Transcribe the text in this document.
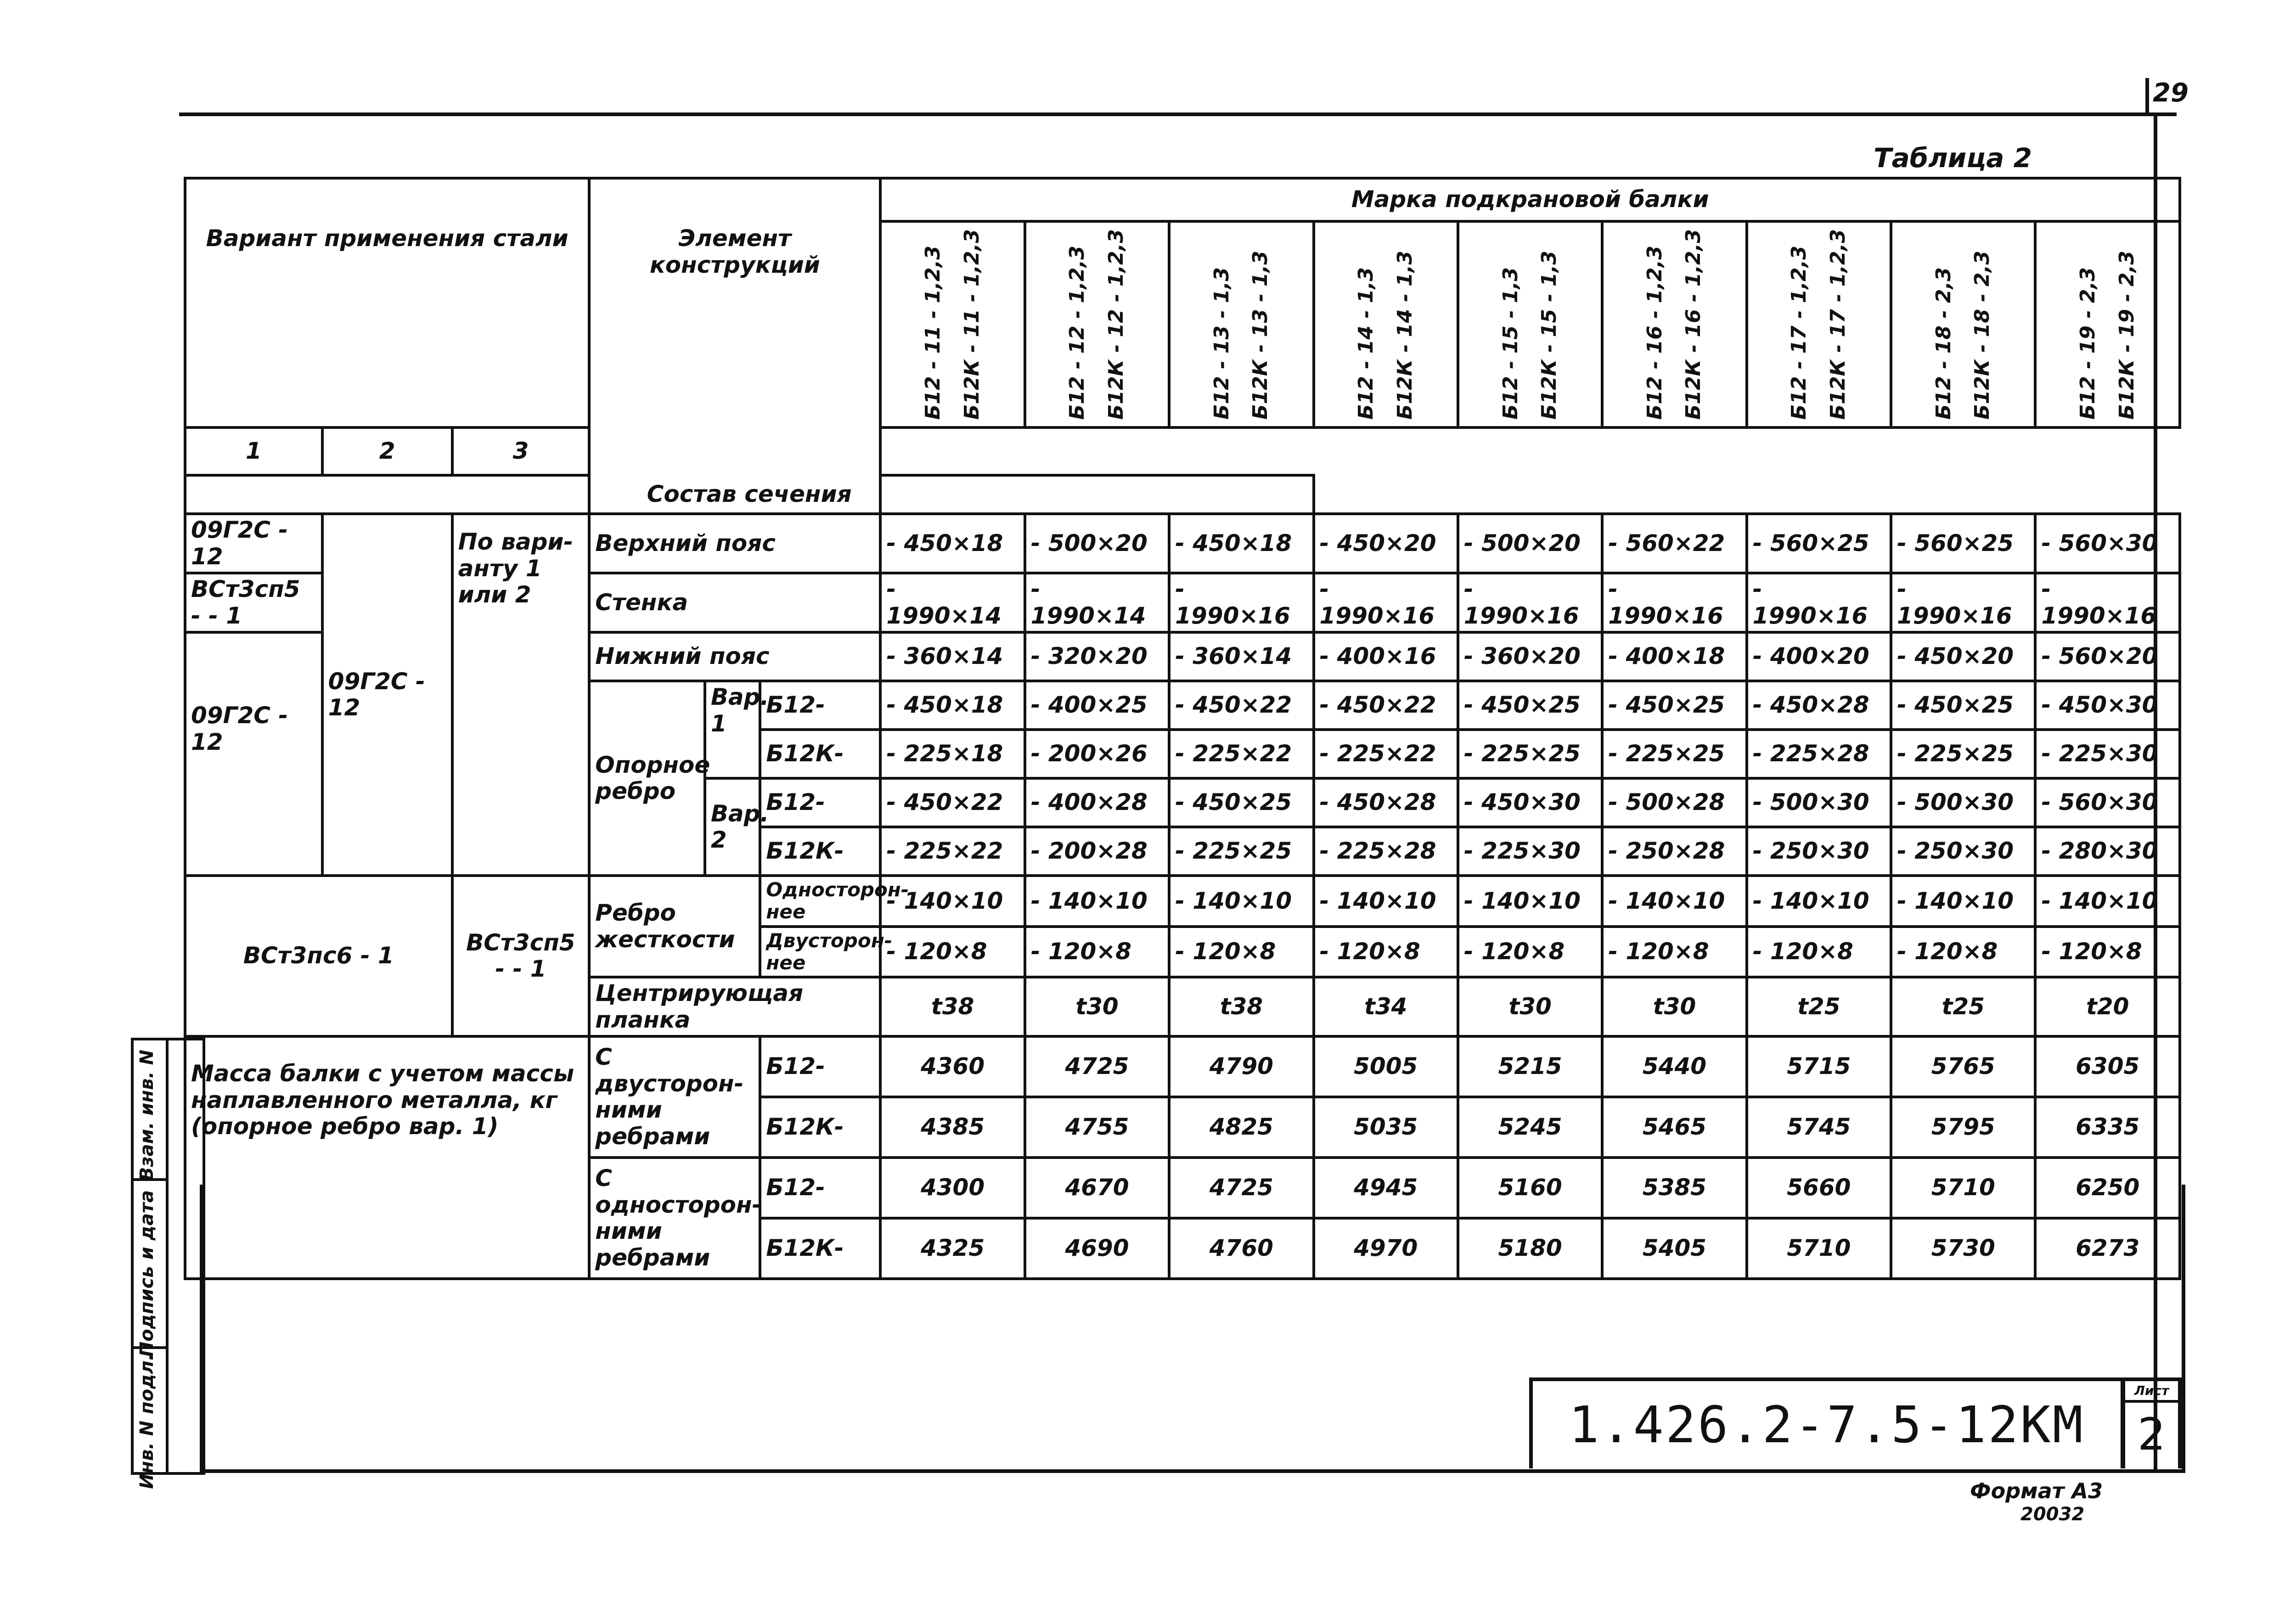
29
Таблица 2
Вариант применения стали			Элемент конструкций			Марка подкрановой балки								

						Б12 - 11 - 1,2,3 Б12К - 11 - 1,2,3	Б12 - 12 - 1,2,3 Б12К - 12 - 1,2,3	Б12 - 13 - 1,3 Б12К - 13 - 1,3	Б12 - 14 - 1,3 Б12К - 14 - 1,3	Б12 - 15 - 1,3 Б12К - 15 - 1,3	Б12 - 16 - 1,2,3 Б12К - 16 - 1,2,3	Б12 - 17 - 1,2,3 Б12К - 17 - 1,2,3	Б12 - 18 - 2,3 Б12К - 18 - 2,3	Б12 - 19 - 2,3 Б12К - 19 - 2,3

1	2	3												
Состав сечения														
09Г2С - 12	09Г2С - 12	По вари- анту 1 или 2	Верхний пояс			- 450×18	- 500×20	- 450×18	- 450×20	- 500×20	- 560×22	- 560×25	- 560×25	- 560×30
ВСт3сп5 - - 1			Стенка			- 1990×14	- 1990×14	- 1990×16	- 1990×16	- 1990×16	- 1990×16	- 1990×16	- 1990×16	- 1990×16
09Г2С - 12			Нижний пояс			- 360×14	- 320×20	- 360×14	- 400×16	- 360×20	- 400×18	- 400×20	- 450×20	- 560×20
			Опорное ребро	Вар. 1	Б12-	- 450×18	- 400×25	- 450×22	- 450×22	- 450×25	- 450×25	- 450×28	- 450×25	- 450×30
					Б12К-	- 225×18	- 200×26	- 225×22	- 225×22	- 225×25	- 225×25	- 225×28	- 225×25	- 225×30
				Вар. 2	Б12-	- 450×22	- 400×28	- 450×25	- 450×28	- 450×30	- 500×28	- 500×30	- 500×30	- 560×30
					Б12К-	- 225×22	- 200×28	- 225×25	- 225×28	- 225×30	- 250×28	- 250×30	- 250×30	- 280×30
ВСт3пс6 - 1		ВСт3сп5 - - 1	Ребро жесткости		Односторон- нее	- 140×10	- 140×10	- 140×10	- 140×10	- 140×10	- 140×10	- 140×10	- 140×10	- 140×10
					Двусторон- нее	- 120×8	- 120×8	- 120×8	- 120×8	- 120×8	- 120×8	- 120×8	- 120×8	- 120×8
			Центрирующая планка			t38	t30	t38	t34	t30	t30	t25	t25	t20
Масса балки с учетом массы наплавленного металла, кг (опорное ребро вар. 1)			С двусторон- ними ребрами		Б12-	4360	4725	4790	5005	5215	5440	5715	5765	6305
					Б12К-	4385	4755	4825	5035	5245	5465	5745	5795	6335
			С односторон- ними ребрами		Б12-	4300	4670	4725	4945	5160	5385	5660	5710	6250
					Б12К-	4325	4690	4760	4970	5180	5405	5710	5730	6273
Взам. инв. N
Подпись и дата
Инв. N подл.	1.426.2-7.5-12КМ
Лист
2
Формат А3
20032
